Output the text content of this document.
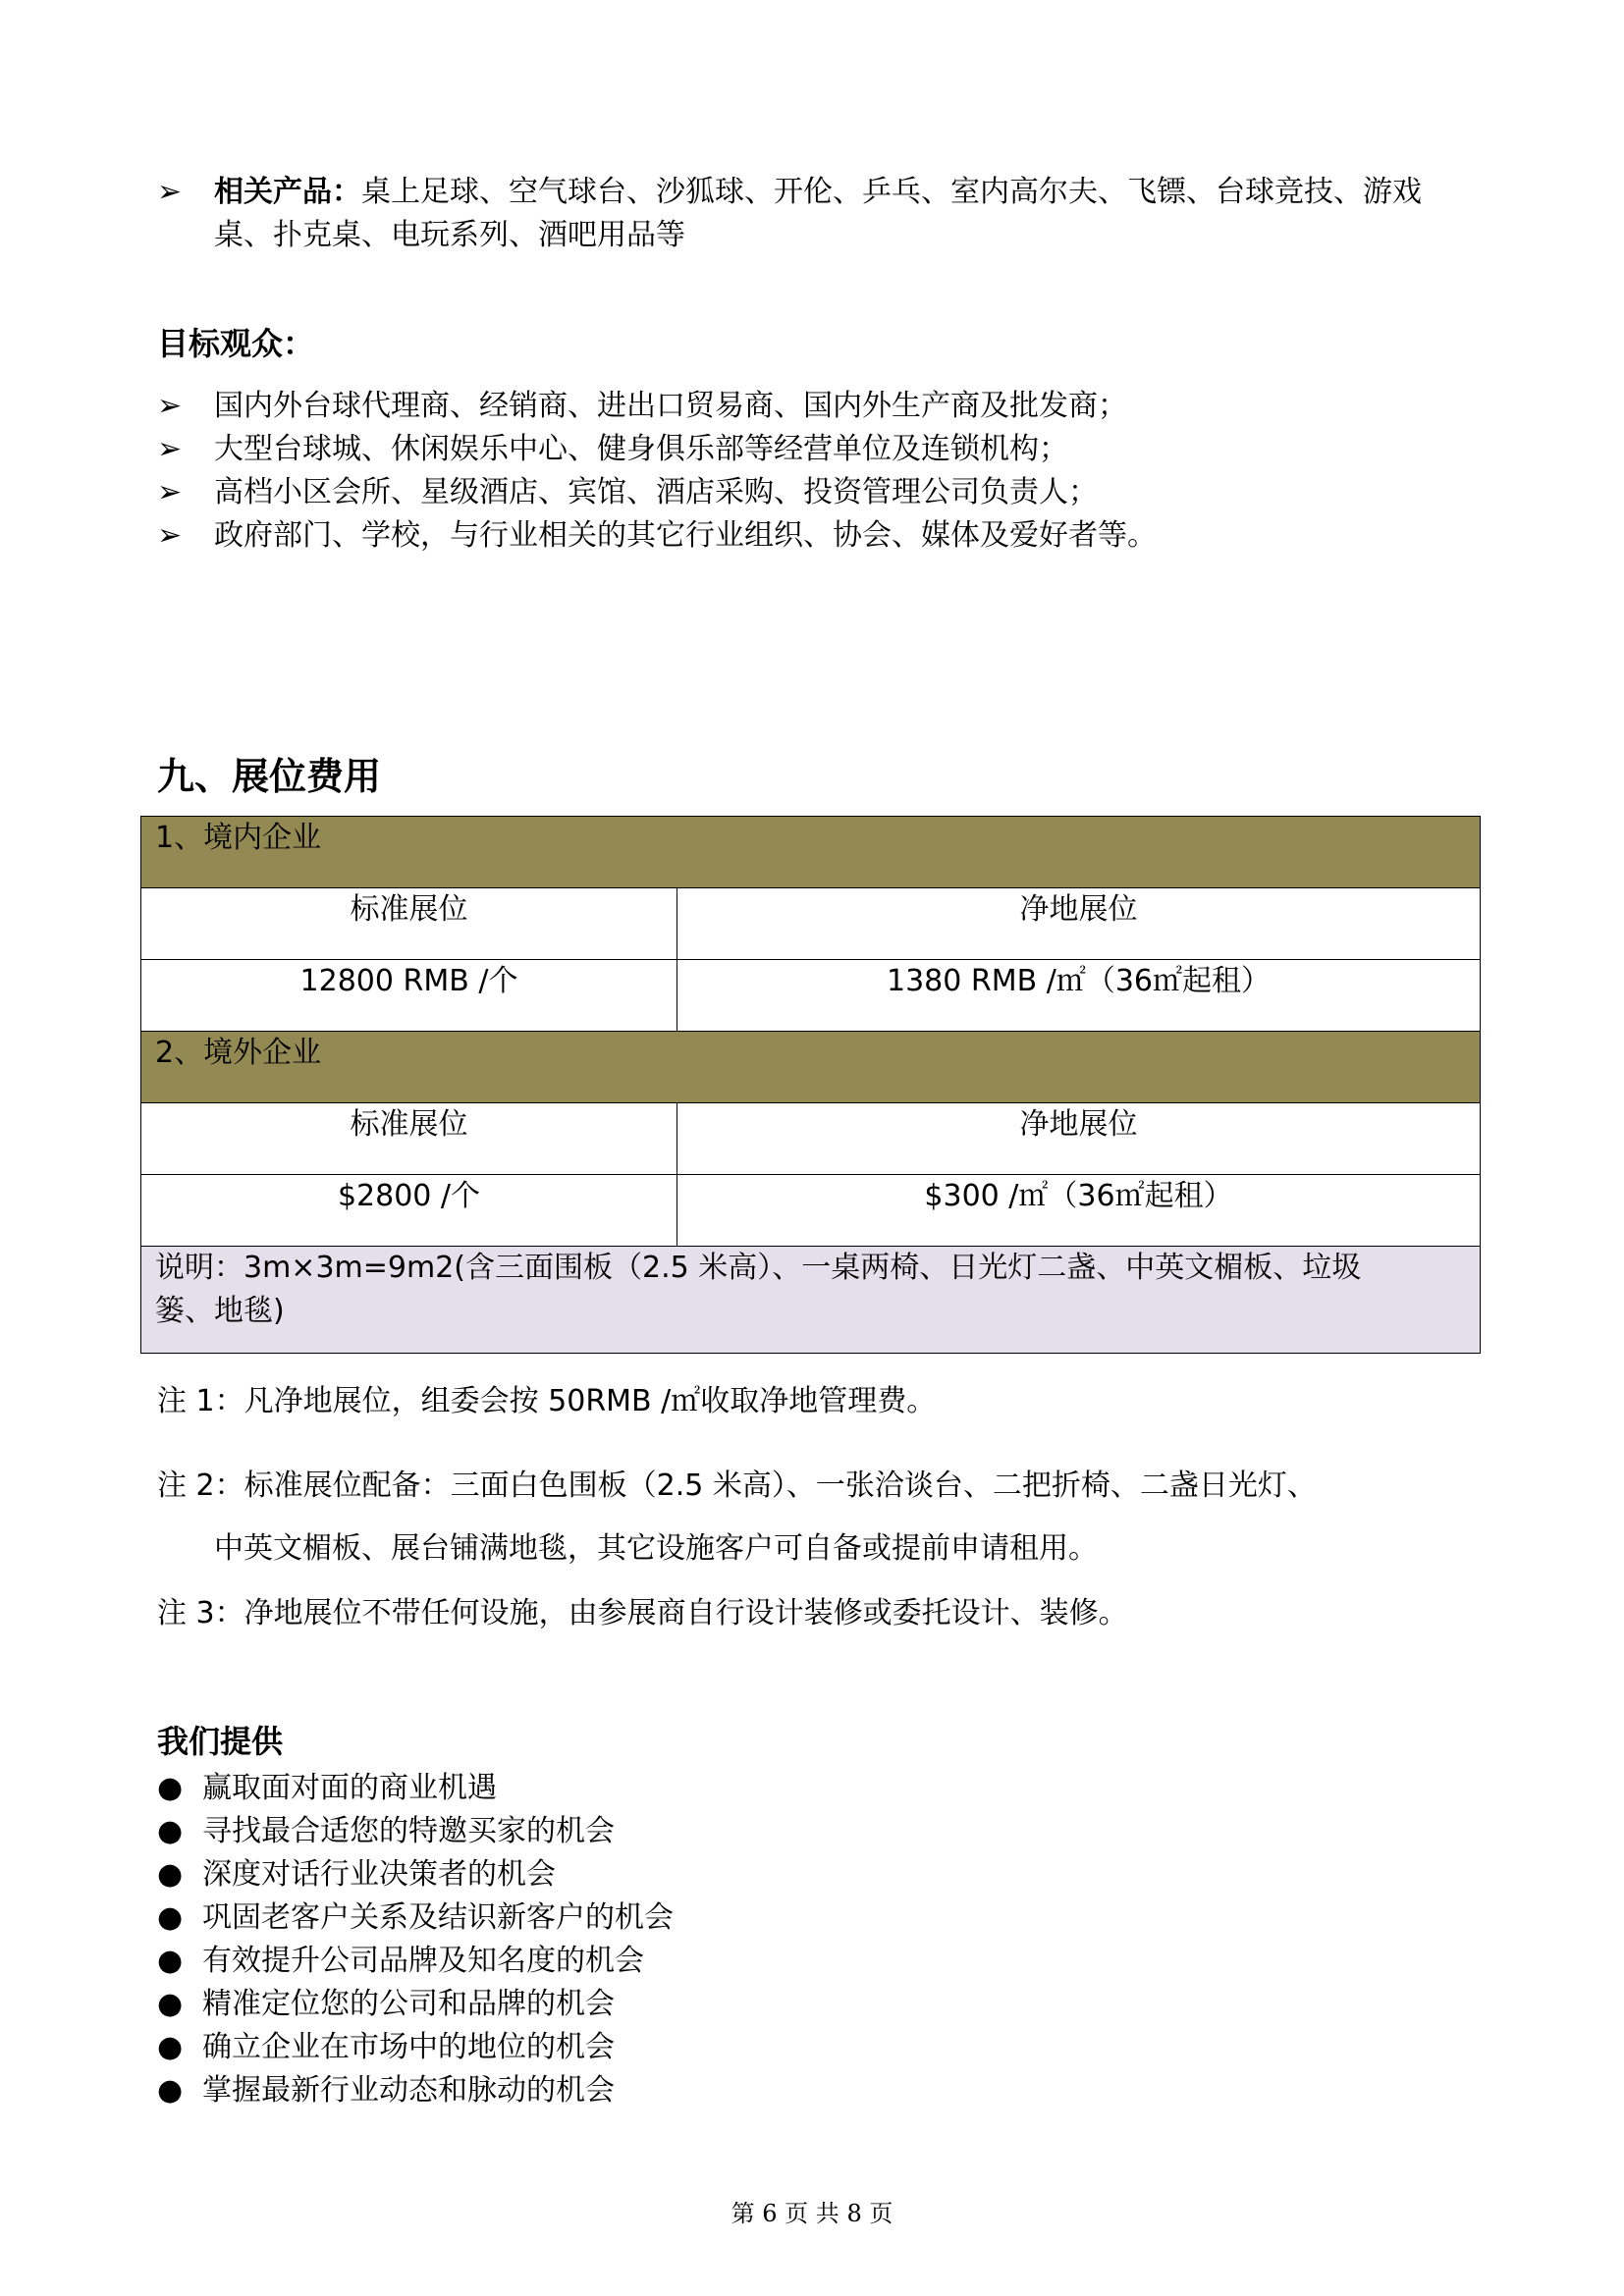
➢	相关产品：桌上足球、空气球台、沙狐球、开伦、乒乓、室内高尔夫、飞镖、台球竞技、游戏
桌、扑克桌、电玩系列、酒吧用品等
目标观众：
➢	国内外台球代理商、经销商、进出口贸易商、国内外生产商及批发商；
➢	大型台球城、休闲娱乐中心、健身俱乐部等经营单位及连锁机构；
➢	高档小区会所、星级酒店、宾馆、酒店采购、投资管理公司负责人；
➢	政府部门、学校，与行业相关的其它行业组织、协会、媒体及爱好者等。
九、展位费用
1、境内企业	
标准展位	净地展位
12800 RMB /个	1380 RMB /㎡（36㎡起租）
2、境外企业	
标准展位	净地展位
$2800 /个	$300 /㎡（36㎡起租）
说明：3m×3m=9m2(含三面围板（2.5 米高）、一桌两椅、日光灯二盏、中英文楣板、垃圾
篓、地毯)	
注 1：凡净地展位，组委会按 50RMB /㎡收取净地管理费。
注 2：标准展位配备：三面白色围板（2.5 米高）、一张洽谈台、二把折椅、二盏日光灯、
中英文楣板、展台铺满地毯，其它设施客户可自备或提前申请租用。
注 3：净地展位不带任何设施，由参展商自行设计装修或委托设计、装修。
我们提供
● 赢取面对面的商业机遇
● 寻找最合适您的特邀买家的机会
● 深度对话行业决策者的机会
● 巩固老客户关系及结识新客户的机会
● 有效提升公司品牌及知名度的机会
● 精准定位您的公司和品牌的机会
● 确立企业在市场中的地位的机会
● 掌握最新行业动态和脉动的机会
第 6 页 共 8 页
